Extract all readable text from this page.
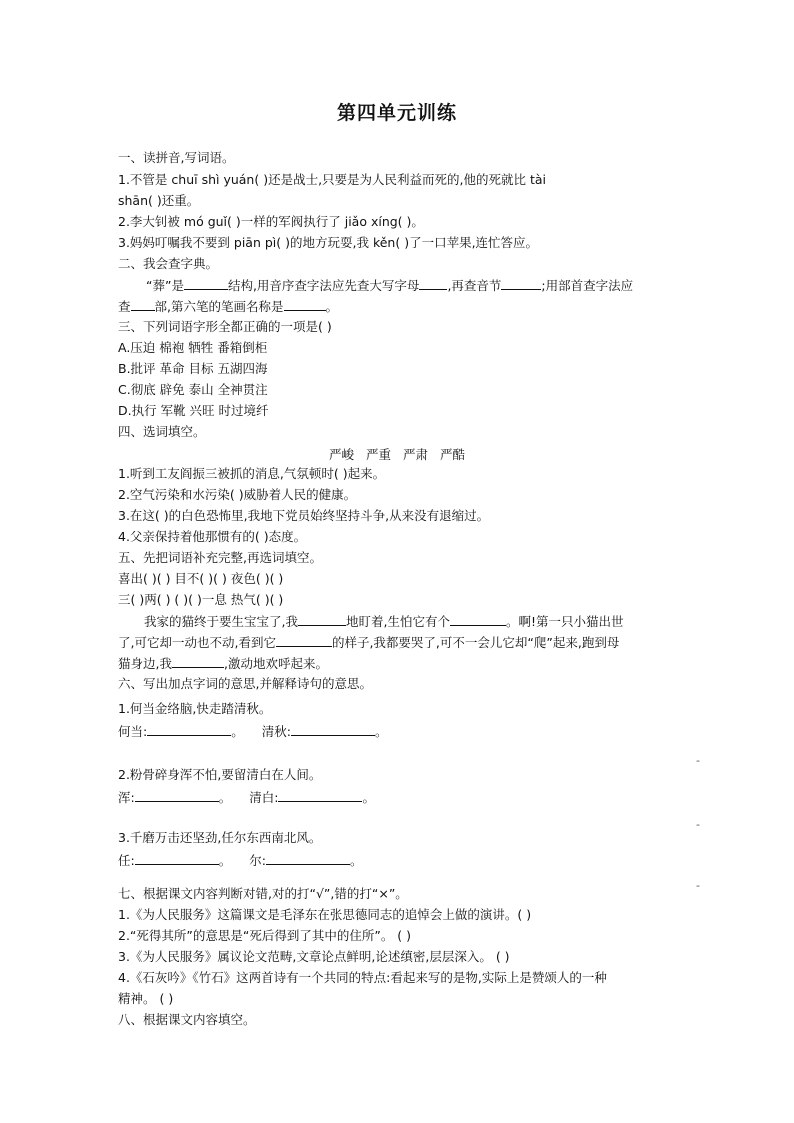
第四单元训练
一、读拼音,写词语。
1.不管是 chuī shì yuán( )还是战士,只要是为人民利益而死的,他的死就比 tài
shān( )还重。
2.李大钊被 mó guǐ( )一样的军阀执行了 jiǎo xíng( )。
3.妈妈叮嘱我不要到 piān pì( )的地方玩耍,我 kěn( )了一口苹果,连忙答应。
二、我会查字典。
“葬”是	结构,用音序查字法应先查大写字母 ,再查音节	;用部首查字法应
查 部,第六笔的笔画名称是	。
三、下列词语字形全都正确的一项是( )
A.压迫 棉袍 牺牲 番箱倒柜
B.批评 革命 目标 五湖四海
C.彻底 辟免 泰山 全神贯注
D.执行 军靴 兴旺 时过境纤
四、选词填空。
严峻 严重 严肃 严酷
1.听到工友阎振三被抓的消息,气氛顿时( )起来。
2.空气污染和水污染( )威胁着人民的健康。
3.在这( )的白色恐怖里,我地下党员始终坚持斗争,从来没有退缩过。
4.父亲保持着他那惯有的( )态度。
五、先把词语补充完整,再选词填空。
喜出( )( ) 目不( )( ) 夜色( )( )
三( )两( ) ( )( )一息 热气( )( )
我家的猫终于要生宝宝了,我	地盯着,生怕它有个	。啊!第一只小猫出世
了,可它却一动也不动,看到它	的样子,我都要哭了,可不一会儿它却“爬”起来,跑到母
猫身边,我	,激动地欢呼起来。
六、写出加点字词的意思,并解释诗句的意思。
1.何当金络脑,快走踏清秋。
何当:	。 清秋:	。
-
2.粉骨碎身浑不怕,要留清白在人间。
浑:	。 清白:	。
-
3.千磨万击还坚劲,任尔东西南北风。
任:	。 尔:	。
-
七、根据课文内容判断对错,对的打“√”,错的打“×”。
1.《为人民服务》这篇课文是毛泽东在张思德同志的追悼会上做的演讲。( )
2.“死得其所”的意思是“死后得到了其中的住所”。 ( )
3.《为人民服务》属议论文范畴,文章论点鲜明,论述缜密,层层深入。 ( )
4.《石灰吟》《竹石》这两首诗有一个共同的特点:看起来写的是物,实际上是赞颂人的一种
精神。 ( )
八、根据课文内容填空。
